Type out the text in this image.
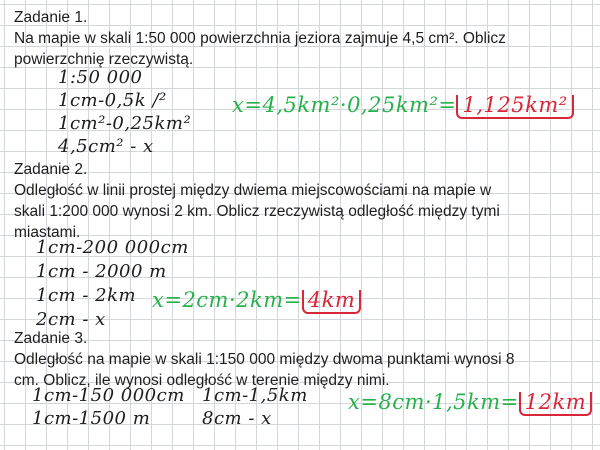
Zadanie 1.

Na mapie w skali 1:50 000 powierzchnia jeziora zajmuje 4,5 cm². Oblicz

powierzchnię rzeczywistą.

1:50 000

1cm-0,5k /²

1cm²-0,25km²

4,5cm² - x

x=4,5km²·0,25km²= 1,125km²

Zadanie 2.

Odległość w linii prostej między dwiema miejscowościami na mapie w

skali 1:200 000 wynosi 2 km. Oblicz rzeczywistą odległość między tymi

miastami.

1cm-200 000cm

1cm - 2000 m

1cm - 2km

2cm - x

x=2cm·2km= 4km

Zadanie 3.

Odległość na mapie w skali 1:150 000 między dwoma punktami wynosi 8

cm. Oblicz, ile wynosi odległość w terenie między nimi.

1cm-150 000cm

1cm-1500 m

1cm-1,5km

8cm - x

x=8cm·1,5km= 12km
